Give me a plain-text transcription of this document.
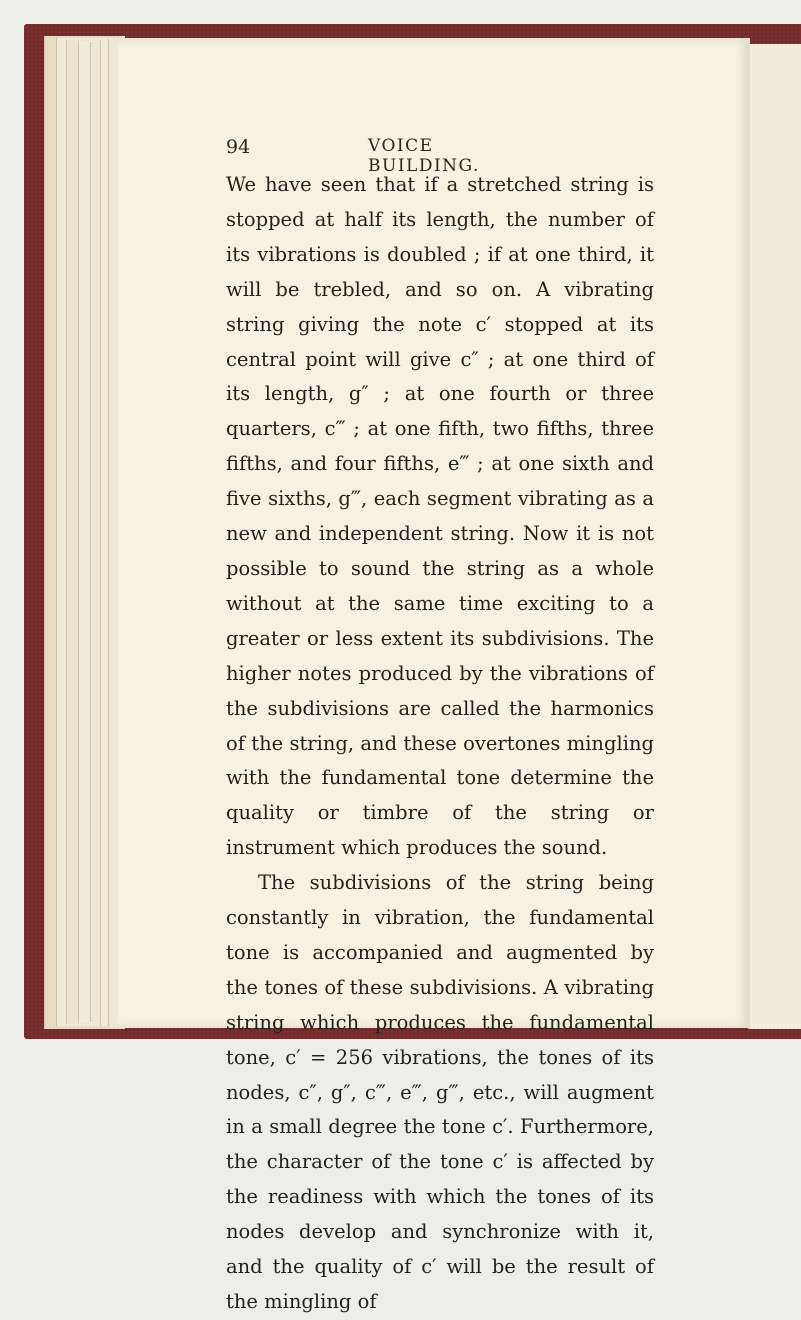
94	VOICE BUILDING.

We have seen that if a stretched string is stopped at half its length, the number of its vibrations is doubled ; if at one third, it will be trebled, and so on. A vibrating string giving the note c′ stopped at its central point will give c″ ; at one third of its length, g″ ; at one fourth or three quarters, c‴ ; at one fifth, two fifths, three fifths, and four fifths, e‴ ; at one sixth and five sixths, g‴, each segment vibrating as a new and independent string. Now it is not possible to sound the string as a whole without at the same time exciting to a greater or less extent its subdivisions. The higher notes produced by the vibrations of the subdivisions are called the harmonics of the string, and these overtones mingling with the fundamental tone determine the quality or timbre of the string or instrument which produces the sound.

The subdivisions of the string being constantly in vibration, the fundamental tone is accompanied and augmented by the tones of these subdivisions. A vibrating string which produces the fundamental tone, c′ = 256 vibrations, the tones of its nodes, c″, g″, c‴, e‴, g‴, etc., will augment in a small degree the tone c′. Furthermore, the character of the tone c′ is affected by the readiness with which the tones of its nodes develop and synchronize with it, and the quality of c′ will be the result of the mingling of
